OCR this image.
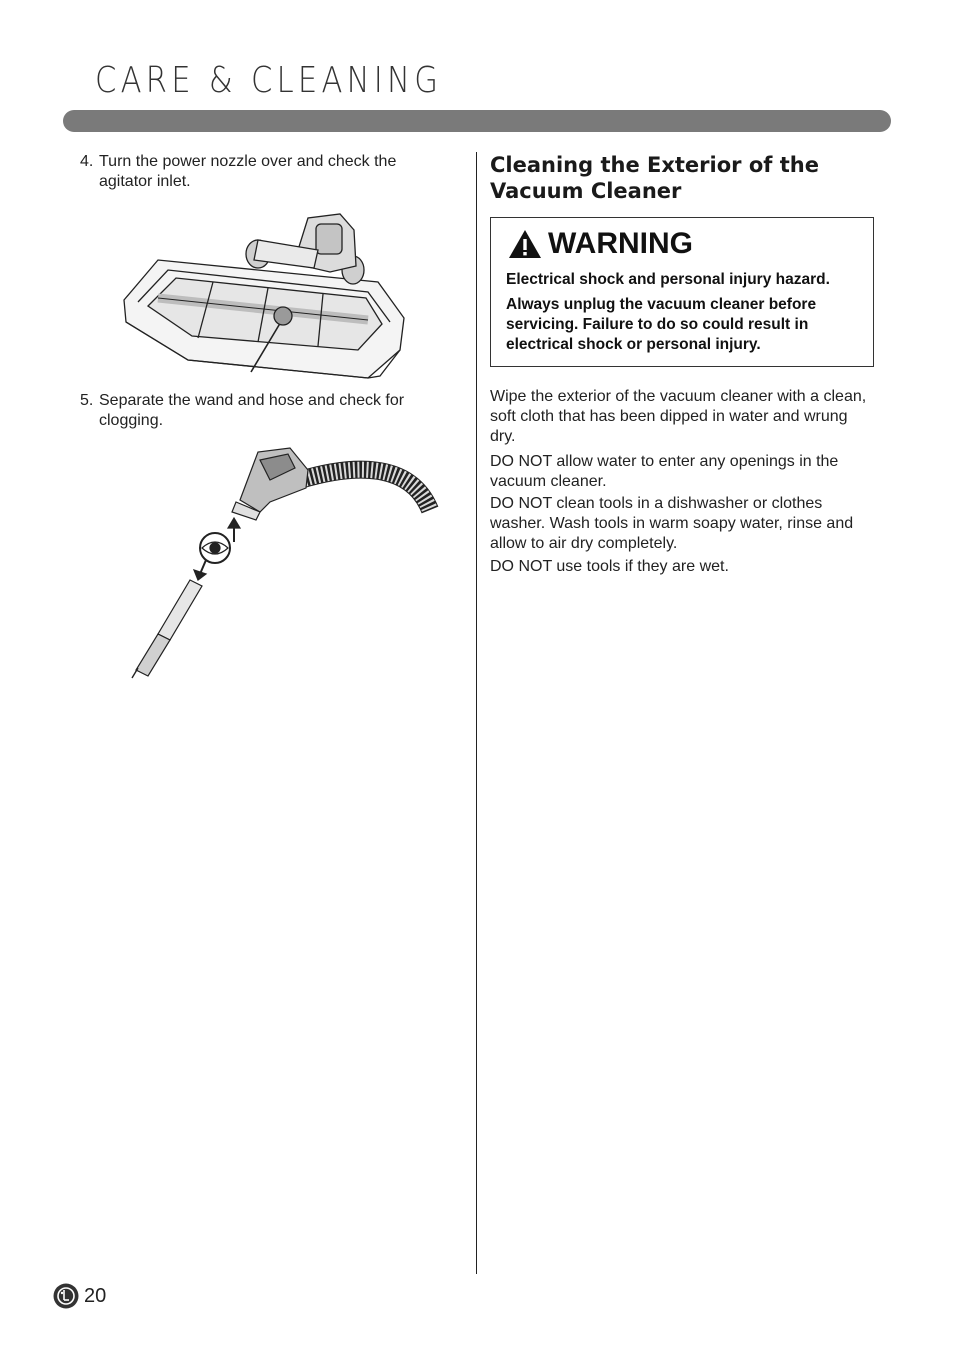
CARE & CLEANING
4. Turn the power nozzle over and check the agitator inlet.
5. Separate the wand and hose and check for clogging.
Cleaning the Exterior of the Vacuum Cleaner
WARNING
Electrical shock and personal injury hazard.
Always unplug the vacuum cleaner before servicing. Failure to do so could result in electrical shock or personal injury.
Wipe the exterior of the vacuum cleaner with a clean, soft cloth that has been dipped in water and wrung dry.
DO NOT allow water to enter any openings in the vacuum cleaner.
DO NOT clean tools in a dishwasher or clothes washer. Wash tools in warm soapy water, rinse and allow to air dry completely.
DO NOT use tools if they are wet.
20
